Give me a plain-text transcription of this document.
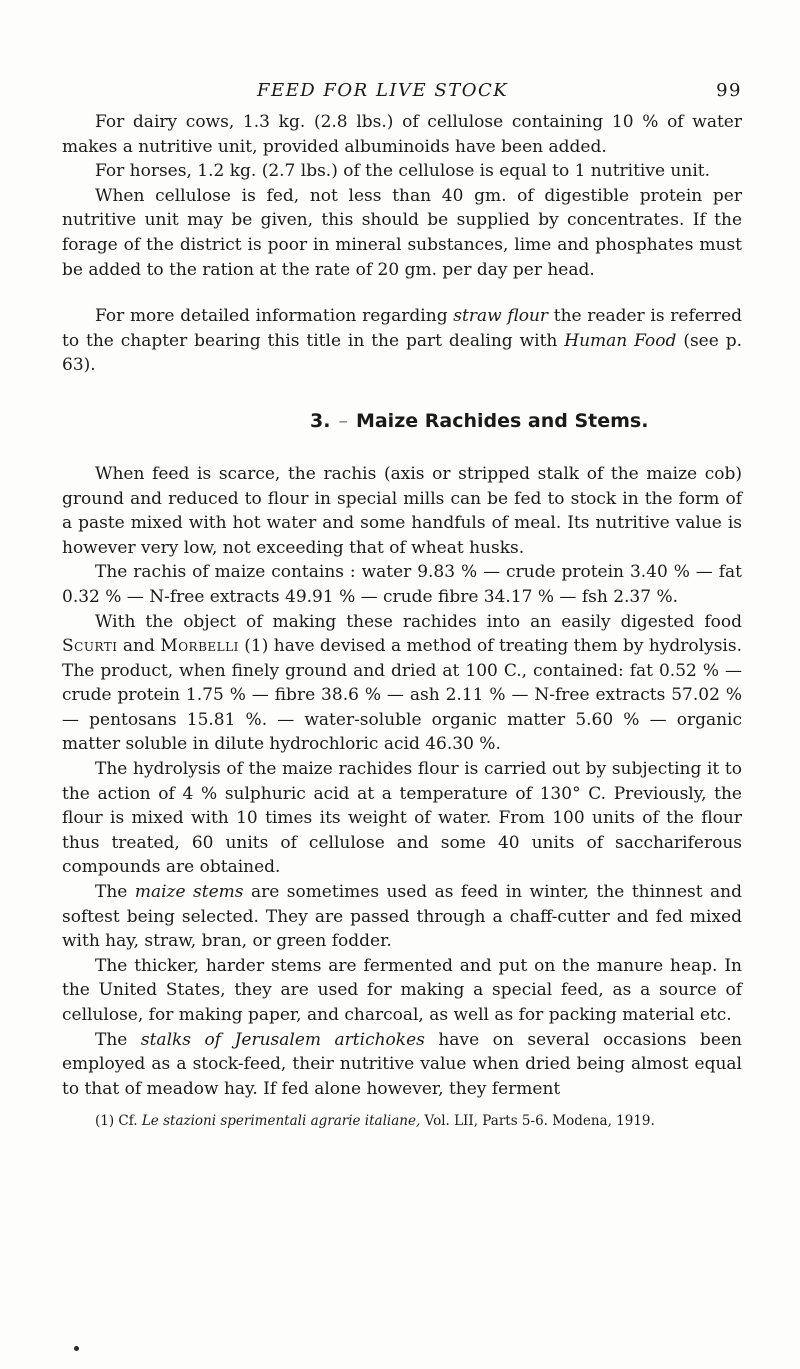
FEED FOR LIVE STOCK	99

For dairy cows, 1.3 kg. (2.8 lbs.) of cellulose containing 10 % of water makes a nutritive unit, provided albuminoids have been added.

For horses, 1.2 kg. (2.7 lbs.) of the cellulose is equal to 1 nutritive unit.

When cellulose is fed, not less than 40 gm. of digestible protein per nutritive unit may be given, this should be supplied by concentrates. If the forage of the district is poor in mineral substances, lime and phosphates must be added to the ration at the rate of 20 gm. per day per head.

For more detailed information regarding straw flour the reader is referred to the chapter bearing this title in the part dealing with Human Food (see p. 63).

3. – Maize Rachides and Stems.

When feed is scarce, the rachis (axis or stripped stalk of the maize cob) ground and reduced to flour in special mills can be fed to stock in the form of a paste mixed with hot water and some handfuls of meal. Its nutritive value is however very low, not exceeding that of wheat husks.

The rachis of maize contains : water 9.83 % — crude protein 3.40 % — fat 0.32 % — N-free extracts 49.91 % — crude fibre 34.17 % — fsh 2.37 %.

With the object of making these rachides into an easily digested food Scurti and Morbelli (1) have devised a method of treating them by hydrolysis. The product, when finely ground and dried at 100 C., contained: fat 0.52 % — crude protein 1.75 % — fibre 38.6 % — ash 2.11 % — N-free extracts 57.02 % — pentosans 15.81 %. — water-soluble organic matter 5.60 % — organic matter soluble in dilute hydrochloric acid 46.30 %.

The hydrolysis of the maize rachides flour is carried out by subjecting it to the action of 4 % sulphuric acid at a temperature of 130° C. Previously, the flour is mixed with 10 times its weight of water. From 100 units of the flour thus treated, 60 units of cellulose and some 40 units of sacchariferous compounds are obtained.

The maize stems are sometimes used as feed in winter, the thinnest and softest being selected. They are passed through a chaff-cutter and fed mixed with hay, straw, bran, or green fodder.

The thicker, harder stems are fermented and put on the manure heap. In the United States, they are used for making a special feed, as a source of cellulose, for making paper, and charcoal, as well as for packing material etc.

The stalks of Jerusalem artichokes have on several occasions been employed as a stock-feed, their nutritive value when dried being almost equal to that of meadow hay. If fed alone however, they ferment

(1) Cf. Le stazioni sperimentali agrarie italiane, Vol. LII, Parts 5-6. Modena, 1919.
